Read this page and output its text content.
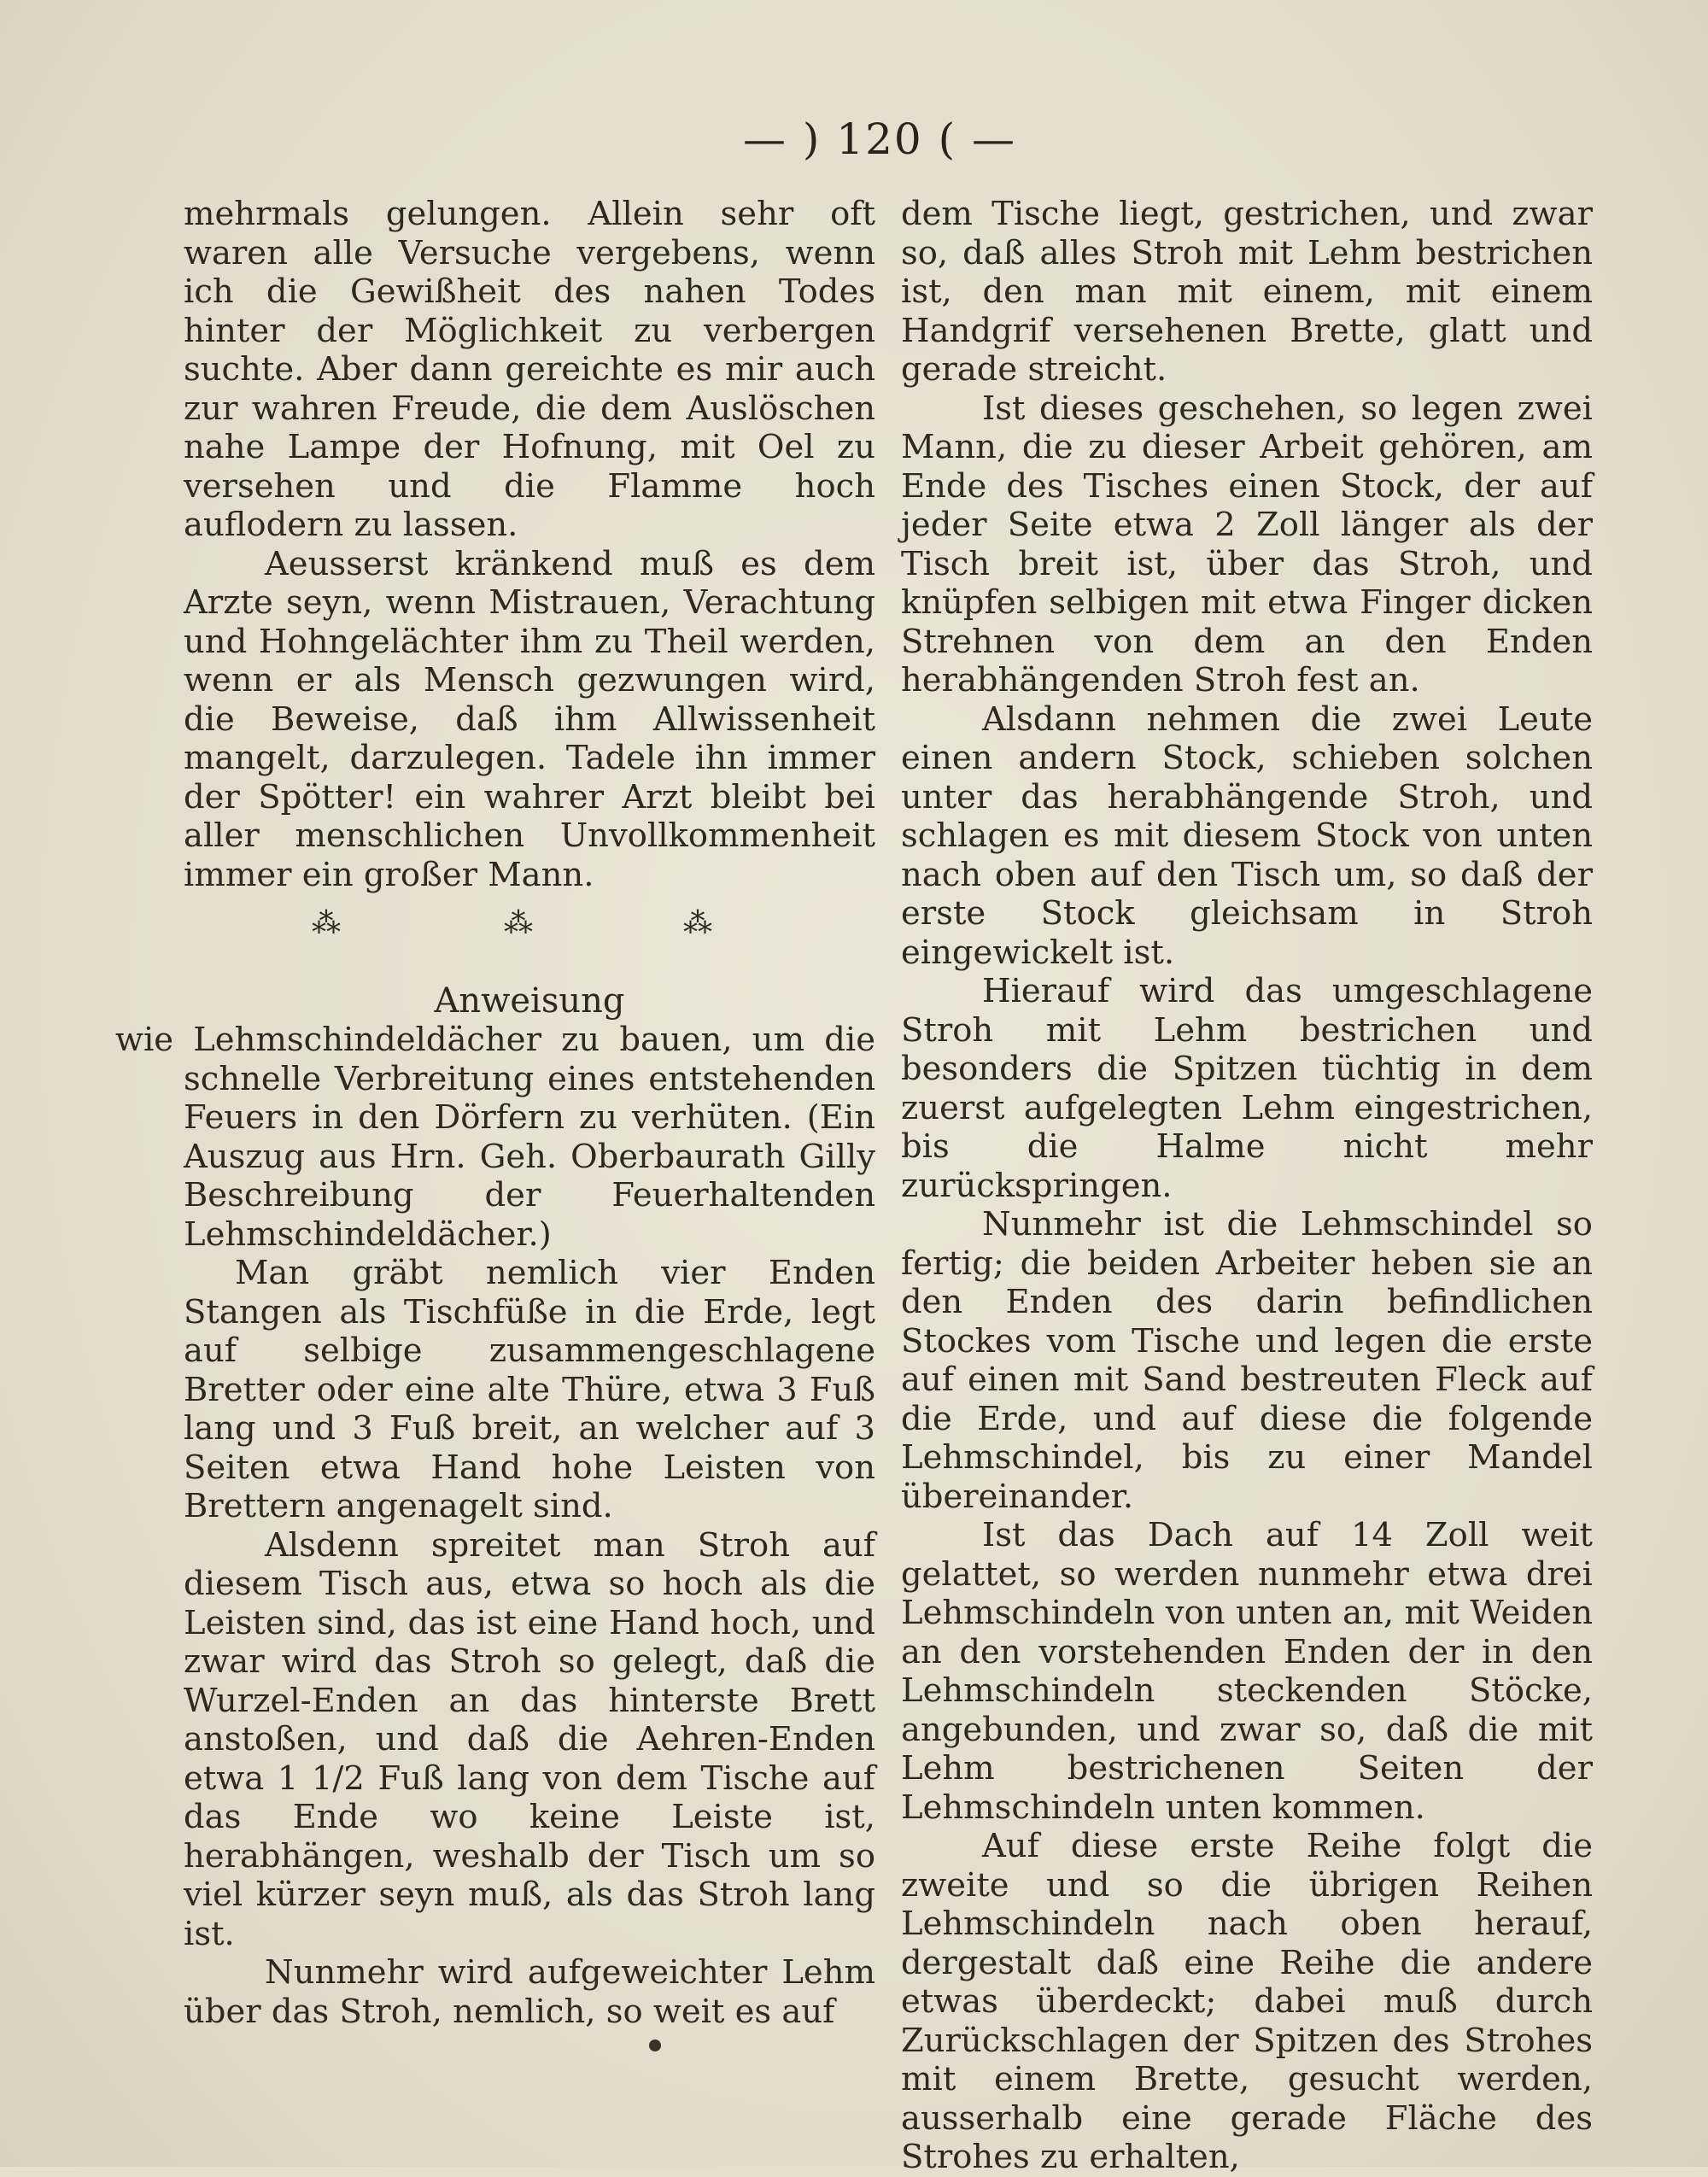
— ) 120 ( —

mehrmals gelungen. Allein sehr oft waren alle Versuche vergebens, wenn ich die Gewißheit des nahen Todes hinter der Möglichkeit zu verbergen suchte. Aber dann gereichte es mir auch zur wahren Freude, die dem Auslöschen nahe Lampe der Hofnung, mit Oel zu versehen und die Flamme hoch auflodern zu lassen.

Aeusserst kränkend muß es dem Arzte seyn, wenn Mistrauen, Verachtung und Hohngelächter ihm zu Theil werden, wenn er als Mensch gezwungen wird, die Beweise, daß ihm Allwissenheit mangelt, darzulegen. Tadele ihn immer der Spötter! ein wahrer Arzt bleibt bei aller menschlichen Unvollkommenheit immer ein großer Mann.

⁂	⁂	⁂
Anweisung

wie Lehmschindeldächer zu bauen, um die schnelle Verbreitung eines entstehenden Feuers in den Dörfern zu verhüten. (Ein Auszug aus Hrn. Geh. Oberbaurath Gilly Beschreibung der Feuerhaltenden Lehmschindeldächer.)

Man gräbt nemlich vier Enden Stangen als Tischfüße in die Erde, legt auf selbige zusammengeschlagene Bretter oder eine alte Thüre, etwa 3 Fuß lang und 3 Fuß breit, an welcher auf 3 Seiten etwa Hand hohe Leisten von Brettern angenagelt sind.

Alsdenn spreitet man Stroh auf diesem Tisch aus, etwa so hoch als die Leisten sind, das ist eine Hand hoch, und zwar wird das Stroh so gelegt, daß die Wurzel-Enden an das hinterste Brett anstoßen, und daß die Aehren-Enden etwa 1 1/2 Fuß lang von dem Tische auf das Ende wo keine Leiste ist, herabhängen, weshalb der Tisch um so viel kürzer seyn muß, als das Stroh lang ist.

Nunmehr wird aufgeweichter Lehm über das Stroh, nemlich, so weit es auf

dem Tische liegt, gestrichen, und zwar so, daß alles Stroh mit Lehm bestrichen ist, den man mit einem, mit einem Handgrif versehenen Brette, glatt und gerade streicht.

Ist dieses geschehen, so legen zwei Mann, die zu dieser Arbeit gehören, am Ende des Tisches einen Stock, der auf jeder Seite etwa 2 Zoll länger als der Tisch breit ist, über das Stroh, und knüpfen selbigen mit etwa Finger dicken Strehnen von dem an den Enden herabhängenden Stroh fest an.

Alsdann nehmen die zwei Leute einen andern Stock, schieben solchen unter das herabhängende Stroh, und schlagen es mit diesem Stock von unten nach oben auf den Tisch um, so daß der erste Stock gleichsam in Stroh eingewickelt ist.

Hierauf wird das umgeschlagene Stroh mit Lehm bestrichen und besonders die Spitzen tüchtig in dem zuerst aufgelegten Lehm eingestrichen, bis die Halme nicht mehr zurückspringen.

Nunmehr ist die Lehmschindel so fertig; die beiden Arbeiter heben sie an den Enden des darin befindlichen Stockes vom Tische und legen die erste auf einen mit Sand bestreuten Fleck auf die Erde, und auf diese die folgende Lehmschindel, bis zu einer Mandel übereinander.

Ist das Dach auf 14 Zoll weit gelattet, so werden nunmehr etwa drei Lehmschindeln von unten an, mit Weiden an den vorstehenden Enden der in den Lehmschindeln steckenden Stöcke, angebunden, und zwar so, daß die mit Lehm bestrichenen Seiten der Lehmschindeln unten kommen.

Auf diese erste Reihe folgt die zweite und so die übrigen Reihen Lehmschindeln nach oben herauf, dergestalt daß eine Reihe die andere etwas überdeckt; dabei muß durch Zurückschlagen der Spitzen des Strohes mit einem Brette, gesucht werden, ausserhalb eine gerade Fläche des Strohes zu erhalten,
